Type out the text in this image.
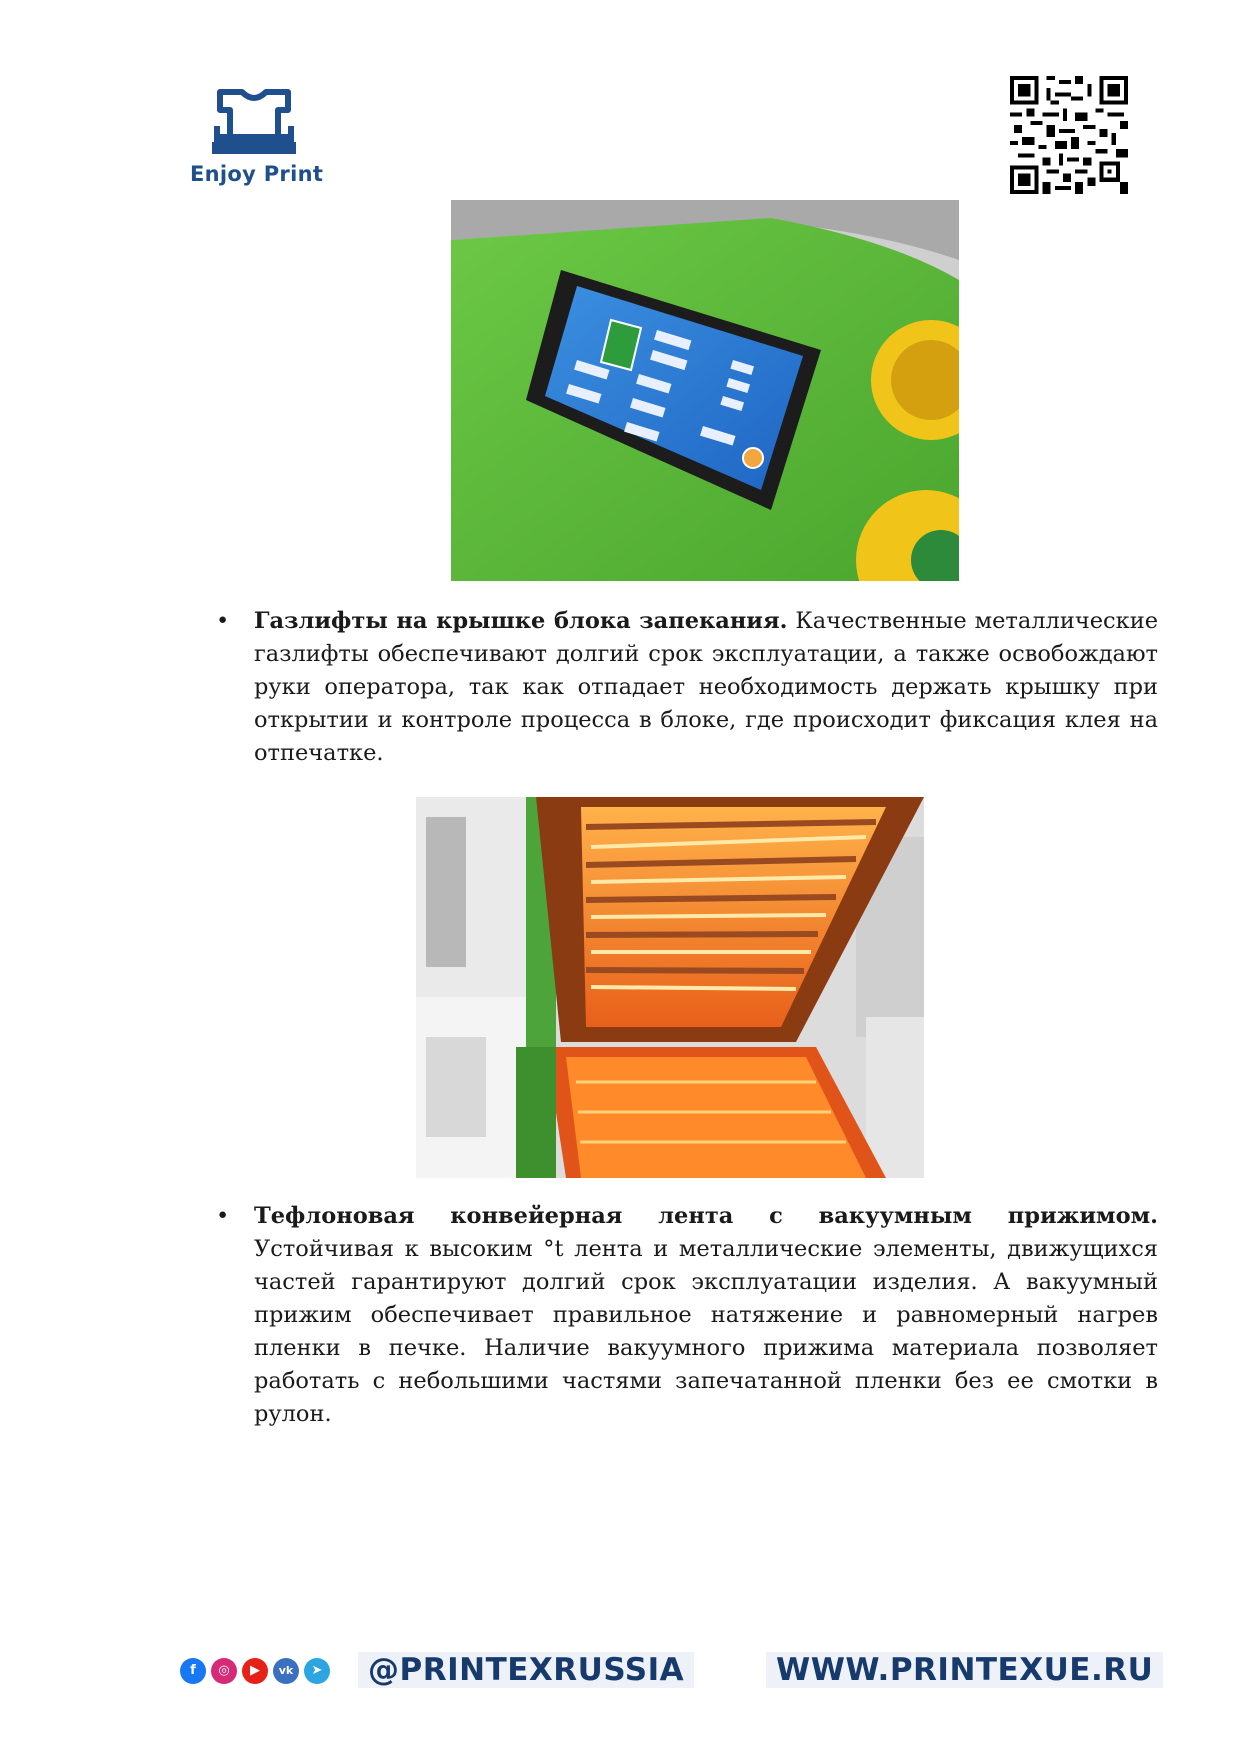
Enjoy Print
• Газлифты на крышке блока запекания. Качественные металлические газлифты обеспечивают долгий срок эксплуатации, а также освобождают руки оператора, так как отпадает необходимость держать крышку при открытии и контроле процесса в блоке, где происходит фиксация клея на отпечатке.

• Тефлоновая конвейерная лента с вакуумным прижимом. Устойчивая к высоким °t лента и металлические элементы, движущихся частей гарантируют долгий срок эксплуатации изделия. А вакуумный прижим обеспечивает правильное натяжение и равномерный нагрев пленки в печке. Наличие вакуумного прижима материала позволяет работать с небольшими частями запечатанной пленки без ее смотки в рулон.

f	◎	▶	vk	➤	@PRINTEXRUSSIA	WWW.PRINTEXUE.RU
